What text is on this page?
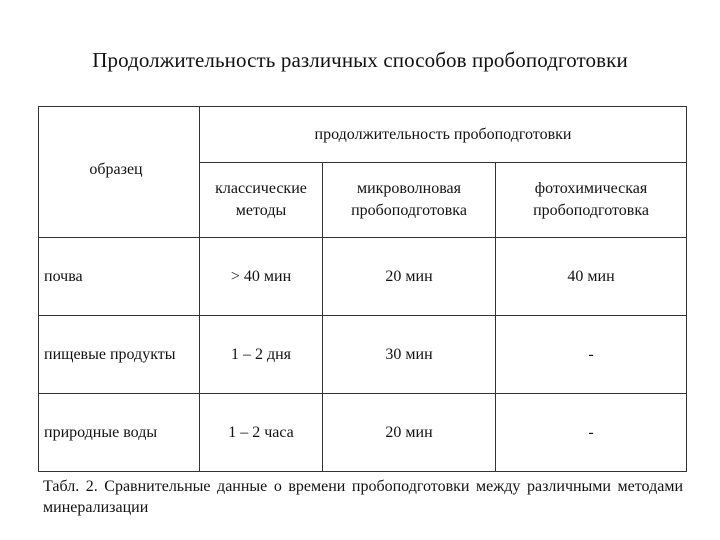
Продолжительность различных способов пробоподготовки
образец	продолжительность пробоподготовки		
	классические методы	микроволновая пробоподготовка	фотохимическая пробоподготовка
почва	> 40 мин	20 мин	40 мин
пищевые продукты	1 – 2 дня	30 мин	-
природные воды	1 – 2 часа	20 мин	-
Табл. 2. Сравнительные данные о времени пробоподготовки между различными методами минерализации
